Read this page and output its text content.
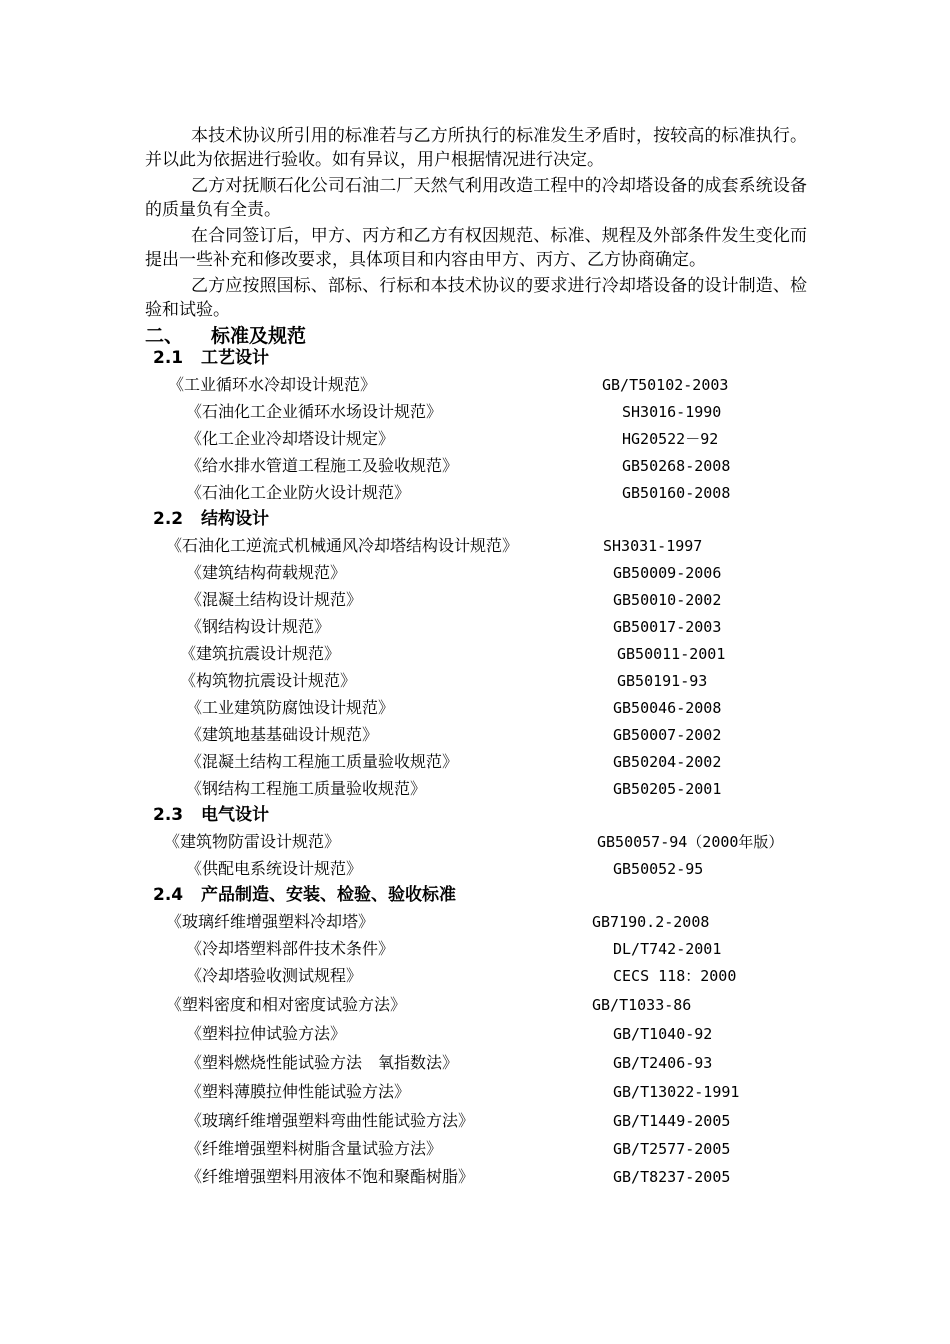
本技术协议所引用的标准若与乙方所执行的标准发生矛盾时，按较高的标准执行。并以此为依据进行验收。如有异议，用户根据情况进行决定。

乙方对抚顺石化公司石油二厂天然气利用改造工程中的冷却塔设备的成套系统设备的质量负有全责。

在合同签订后，甲方、丙方和乙方有权因规范、标准、规程及外部条件发生变化而提出一些补充和修改要求，具体项目和内容由甲方、丙方、乙方协商确定。

乙方应按照国标、部标、行标和本技术协议的要求进行冷却塔设备的设计制造、检验和试验。

二、 标准及规范
2.1 工艺设计
《工业循环水冷却设计规范》	GB/T50102-2003
《石油化工企业循环水场设计规范》	SH3016-1990
《化工企业冷却塔设计规定》	HG20522－92
《给水排水管道工程施工及验收规范》	GB50268-2008
《石油化工企业防火设计规范》	GB50160-2008
2.2 结构设计
《石油化工逆流式机械通风冷却塔结构设计规范》	SH3031-1997
《建筑结构荷载规范》	GB50009-2006
《混凝土结构设计规范》	GB50010-2002
《钢结构设计规范》	GB50017-2003
《建筑抗震设计规范》	GB50011-2001
《构筑物抗震设计规范》	GB50191-93
《工业建筑防腐蚀设计规范》	GB50046-2008
《建筑地基基础设计规范》	GB50007-2002
《混凝土结构工程施工质量验收规范》	GB50204-2002
《钢结构工程施工质量验收规范》	GB50205-2001
2.3 电气设计
《建筑物防雷设计规范》	GB50057-94（2000年版）
《供配电系统设计规范》	GB50052-95
2.4 产品制造、安装、检验、验收标准
《玻璃纤维增强塑料冷却塔》	GB7190.2-2008
《冷却塔塑料部件技术条件》	DL/T742-2001
《冷却塔验收测试规程》	CECS 118：2000
《塑料密度和相对密度试验方法》	GB/T1033-86
《塑料拉伸试验方法》	GB/T1040-92
《塑料燃烧性能试验方法　氧指数法》	GB/T2406-93
《塑料薄膜拉伸性能试验方法》	GB/T13022-1991
《玻璃纤维增强塑料弯曲性能试验方法》	GB/T1449-2005
《纤维增强塑料树脂含量试验方法》	GB/T2577-2005
《纤维增强塑料用液体不饱和聚酯树脂》	GB/T8237-2005
